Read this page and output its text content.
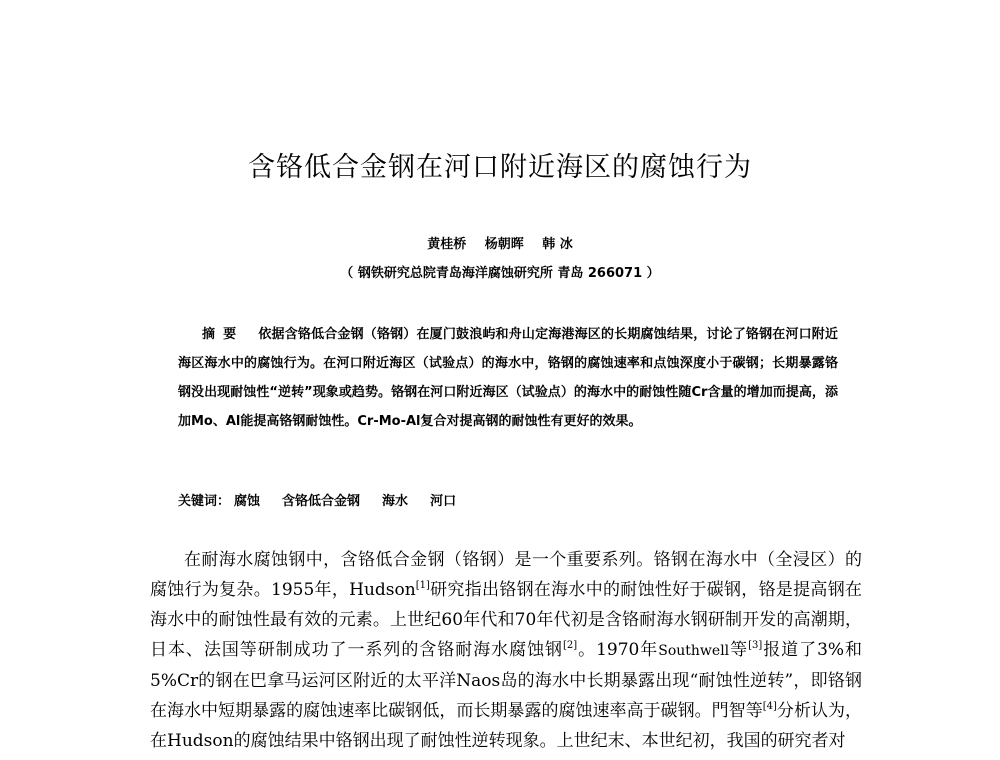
含铬低合金钢在河口附近海区的腐蚀行为
黄桂桥 杨朝晖 韩 冰
（ 钢铁研究总院青岛海洋腐蚀研究所 青岛 266071 ）
摘要 依据含铬低合金钢（铬钢）在厦门鼓浪屿和舟山定海港海区的长期腐蚀结果，讨论了铬钢在河口附近海区海水中的腐蚀行为。在河口附近海区（试验点）的海水中，铬钢的腐蚀速率和点蚀深度小于碳钢；长期暴露铬钢没出现耐蚀性“逆转”现象或趋势。铬钢在河口附近海区（试验点）的海水中的耐蚀性随Cr含量的增加而提高，添加Mo、Al能提高铬钢耐蚀性。Cr-Mo-Al复合对提高钢的耐蚀性有更好的效果。
关键词： 腐蚀 含铬低合金钢 海水 河口

在耐海水腐蚀钢中，含铬低合金钢（铬钢）是一个重要系列。铬钢在海水中（全浸区）的腐蚀行为复杂。1955年，Hudson[1]研究指出铬钢在海水中的耐蚀性好于碳钢，铬是提高钢在海水中的耐蚀性最有效的元素。上世纪60年代和70年代初是含铬耐海水钢研制开发的高潮期，日本、法国等研制成功了一系列的含铬耐海水腐蚀钢[2]。1970年Southwell等[3]报道了3%和5%Cr的钢在巴拿马运河区附近的太平洋Naos岛的海水中长期暴露出现“耐蚀性逆转”，即铬钢在海水中短期暴露的腐蚀速率比碳钢低，而长期暴露的腐蚀速率高于碳钢。門智等[4]分析认为，在Hudson的腐蚀结果中铬钢出现了耐蚀性逆转现象。上世纪末、本世纪初，我国的研究者对
